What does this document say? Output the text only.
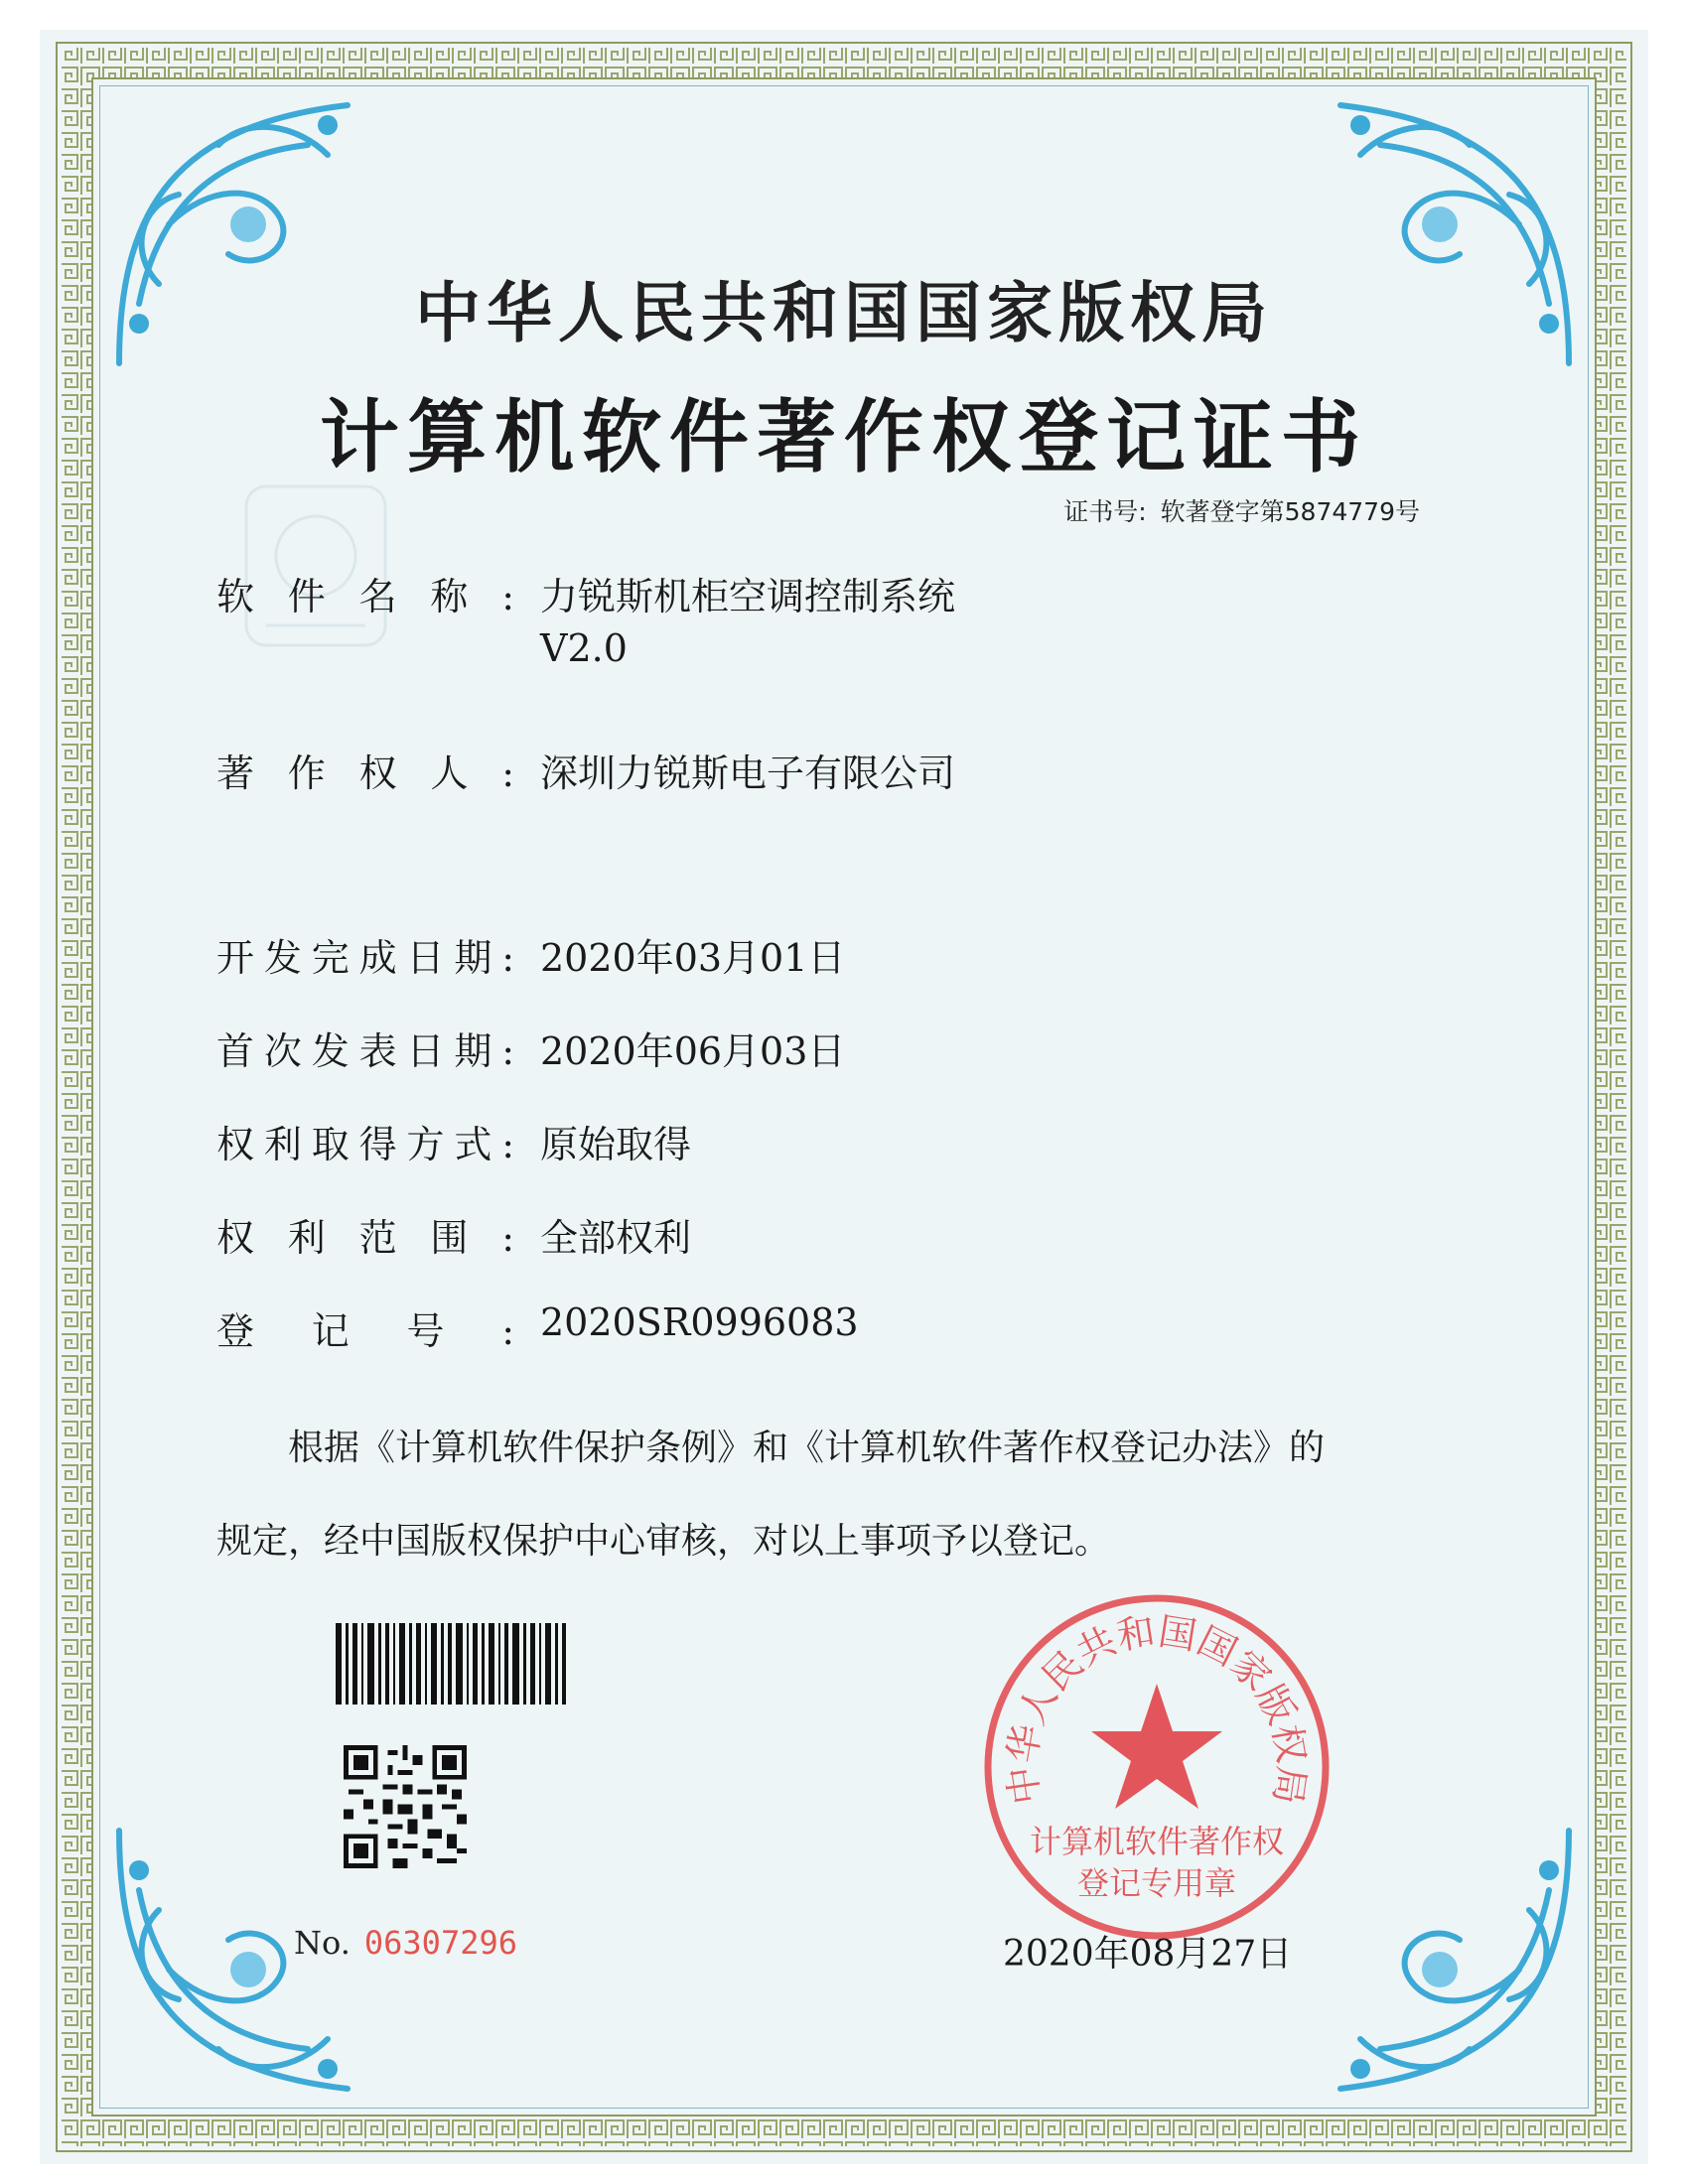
中华人民共和国国家版权局
计算机软件著作权登记证书
证书号: 软著登字第5874779号
软件名称: 力锐斯机柜空调控制系统
V2.0
著作权人: 深圳力锐斯电子有限公司
开发完成日期: 2020年03月01日
首次发表日期: 2020年06月03日
权利取得方式: 原始取得
权利范围: 全部权利
登记号: 2020SR0996083
根据《计算机软件保护条例》和《计算机软件著作权登记办法》的
规定，经中国版权保护中心审核，对以上事项予以登记。
No. 06307296
中华人民共和国国家版权局
计算机软件著作权
登记专用章
2020年08月27日
